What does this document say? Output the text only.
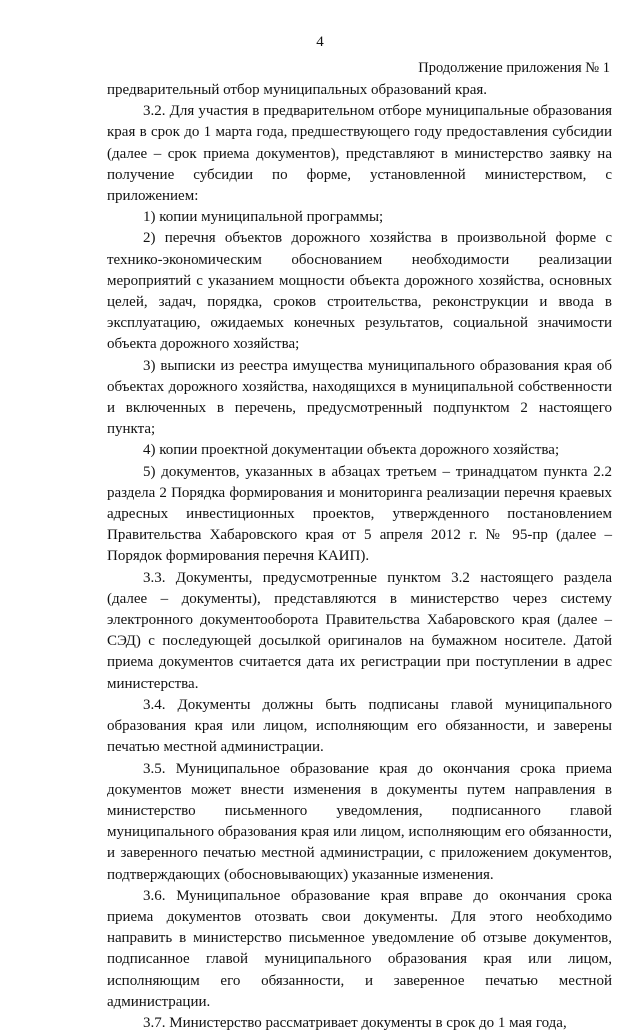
4
Продолжение приложения № 1

предварительный отбор муниципальных образований края.

3.2. Для участия в предварительном отборе муниципальные образования края в срок до 1 марта года, предшествующего году предоставления субсидии (далее – срок приема документов), представляют в министерство заявку на получение субсидии по форме, установленной министерством, с приложением:

1) копии муниципальной программы;

2) перечня объектов дорожного хозяйства в произвольной форме с технико-экономическим обоснованием необходимости реализации мероприятий с указанием мощности объекта дорожного хозяйства, основных целей, задач, порядка, сроков строительства, реконструкции и ввода в эксплуатацию, ожидаемых конечных результатов, социальной значимости объекта дорожного хозяйства;

3) выписки из реестра имущества муниципального образования края об объектах дорожного хозяйства, находящихся в муниципальной собственности и включенных в перечень, предусмотренный подпунктом 2 настоящего пункта;

4) копии проектной документации объекта дорожного хозяйства;

5) документов, указанных в абзацах третьем – тринадцатом пункта 2.2 раздела 2 Порядка формирования и мониторинга реализации перечня краевых адресных инвестиционных проектов, утвержденного постановлением Правительства Хабаровского края от 5 апреля 2012 г. № 95-пр (далее – Порядок формирования перечня КАИП).

3.3. Документы, предусмотренные пунктом 3.2 настоящего раздела (далее – документы), представляются в министерство через систему электронного документооборота Правительства Хабаровского края (далее – СЭД) с последующей досылкой оригиналов на бумажном носителе. Датой приема документов считается дата их регистрации при поступлении в адрес министерства.

3.4. Документы должны быть подписаны главой муниципального образования края или лицом, исполняющим его обязанности, и заверены печатью местной администрации.

3.5. Муниципальное образование края до окончания срока приема документов может внести изменения в документы путем направления в министерство письменного уведомления, подписанного главой муниципального образования края или лицом, исполняющим его обязанности, и заверенного печатью местной администрации, с приложением документов, подтверждающих (обосновывающих) указанные изменения.

3.6. Муниципальное образование края вправе до окончания срока приема документов отозвать свои документы. Для этого необходимо направить в министерство письменное уведомление об отзыве документов, подписанное главой муниципального образования края или лицом, исполняющим его обязанности, и заверенное печатью местной администрации.

3.7. Министерство рассматривает документы в срок до 1 мая года,
